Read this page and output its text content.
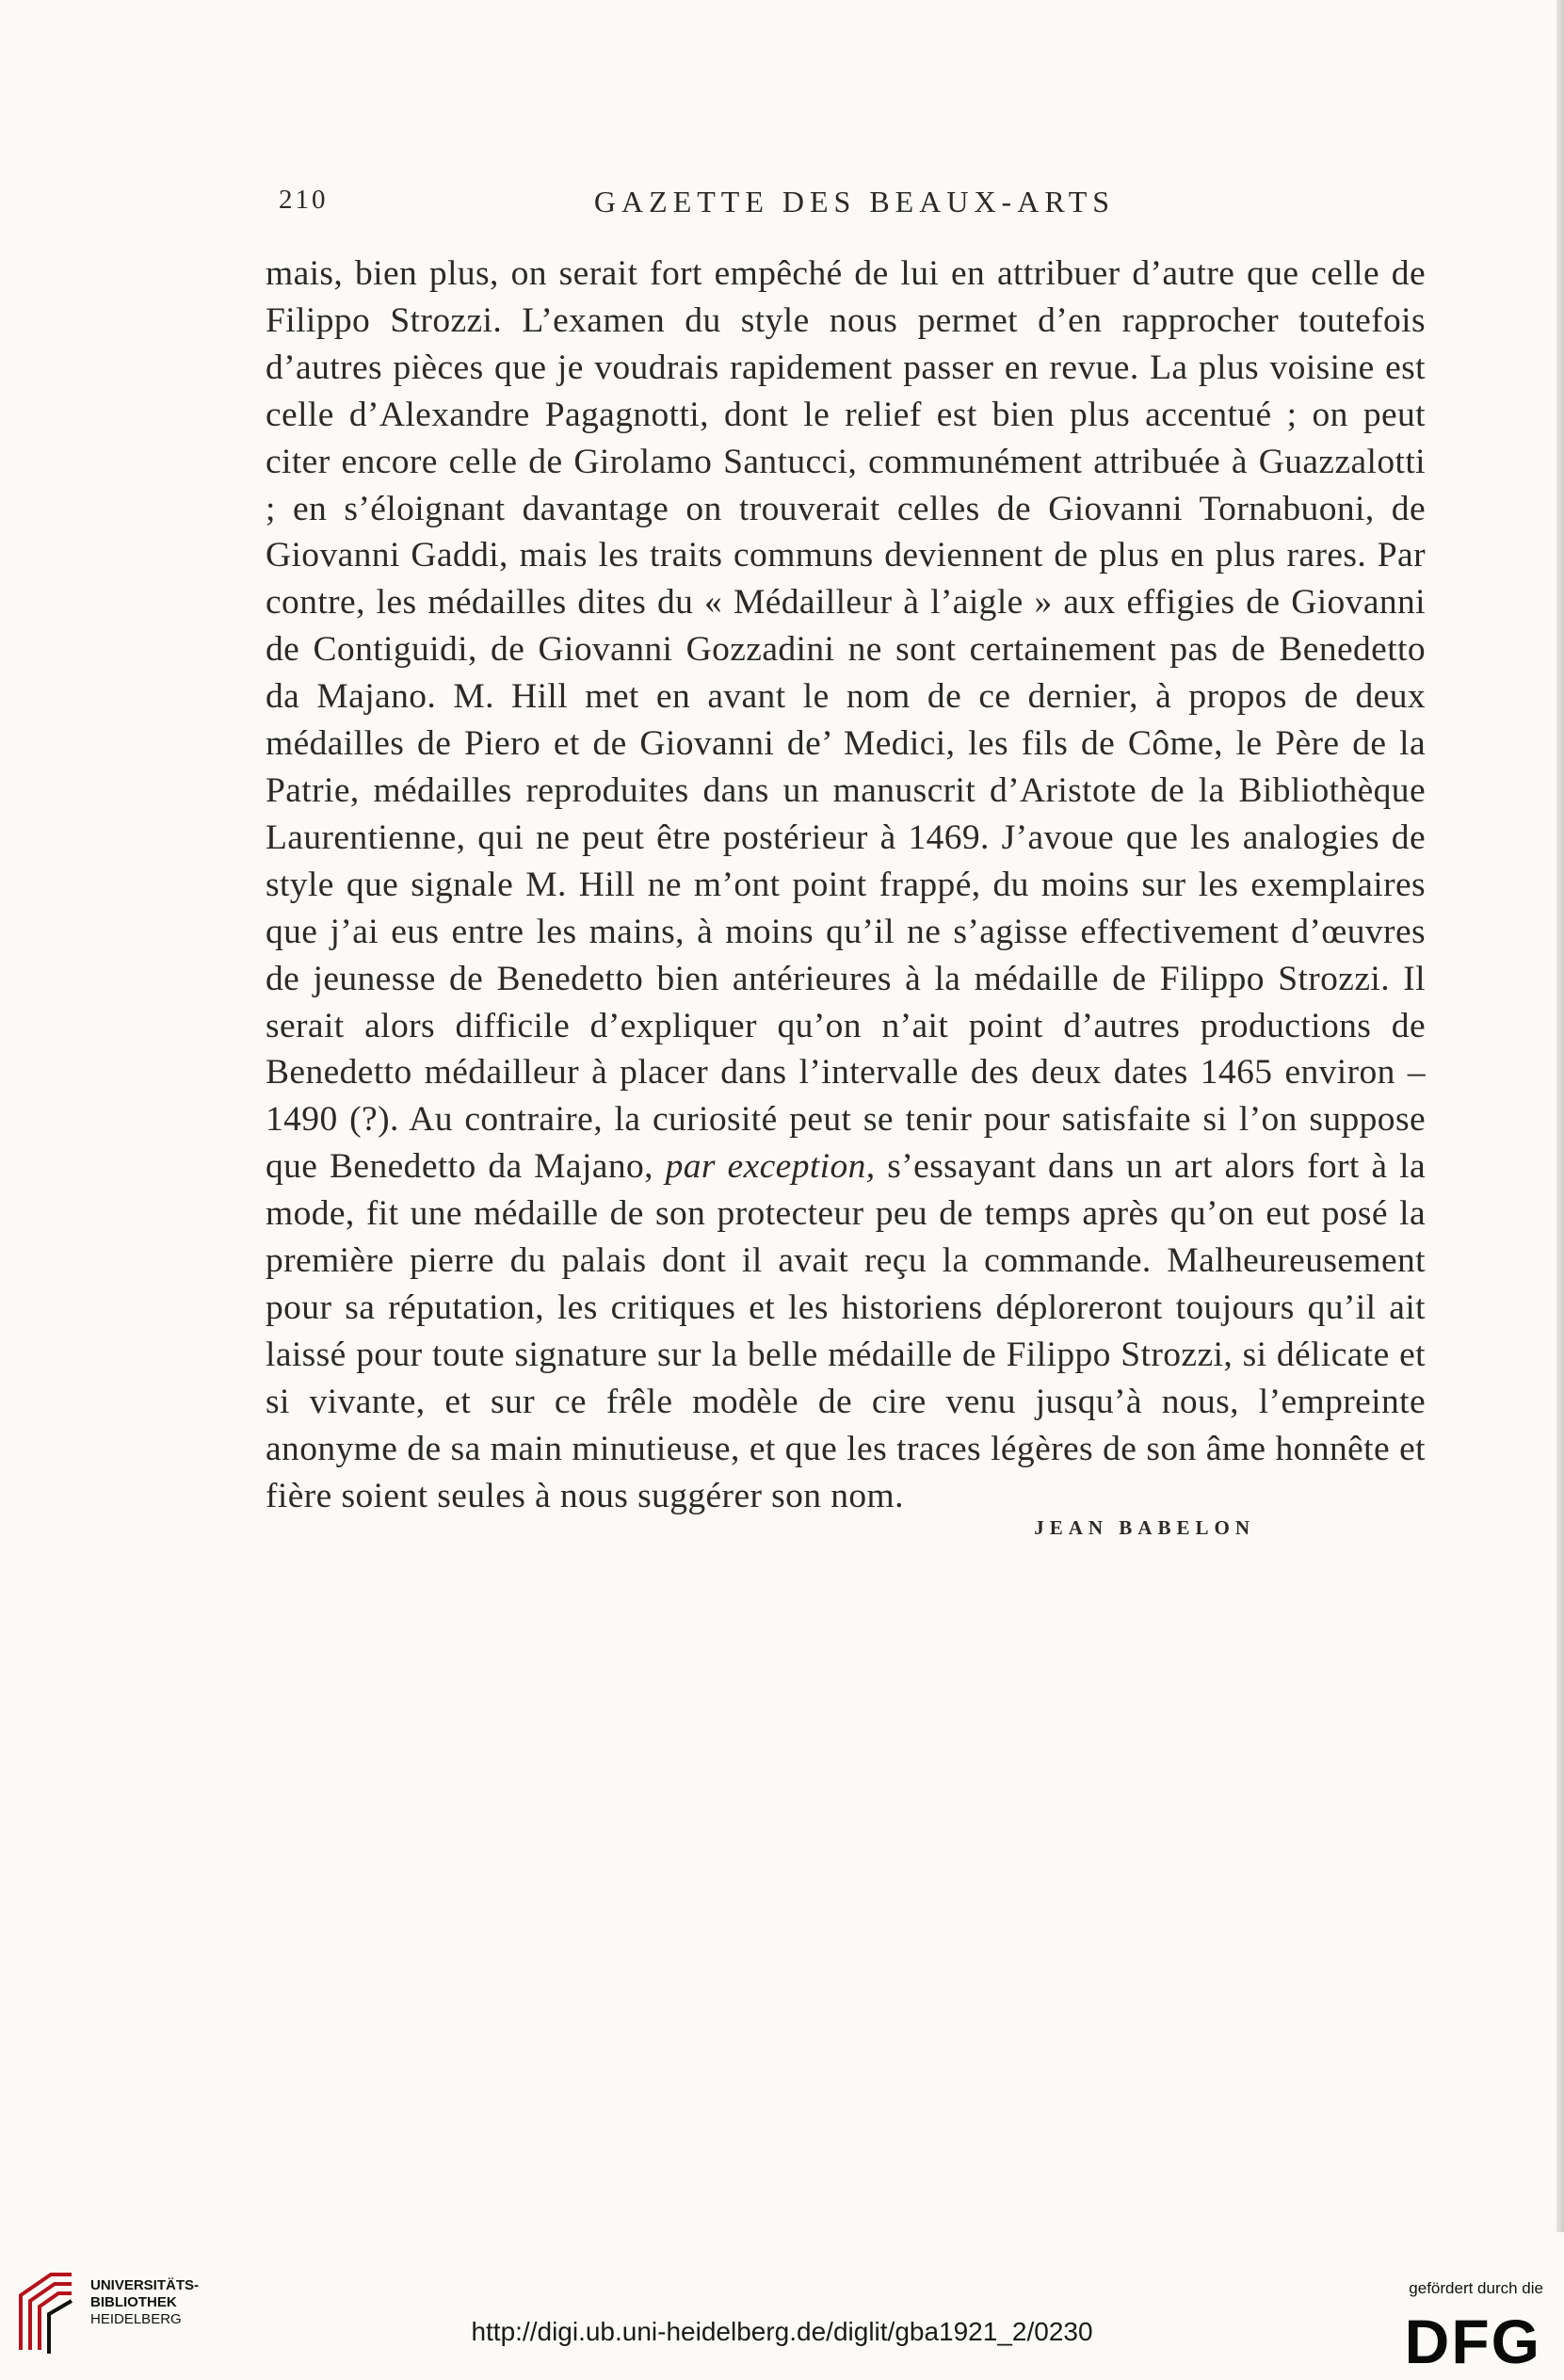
210	GAZETTE DES BEAUX-ARTS

mais, bien plus, on serait fort empêché de lui en attribuer d’autre que celle de Filippo Strozzi. L’examen du style nous permet d’en rapprocher toutefois d’autres pièces que je voudrais rapidement passer en revue. La plus voisine est celle d’Alexandre Pagagnotti, dont le relief est bien plus accentué ; on peut citer encore celle de Girolamo Santucci, communément attribuée à Guazzalotti ; en s’éloignant davantage on trouverait celles de Giovanni Tornabuoni, de Giovanni Gaddi, mais les traits communs deviennent de plus en plus rares. Par contre, les médailles dites du « Médailleur à l’aigle » aux effigies de Giovanni de Contiguidi, de Giovanni Gozzadini ne sont certainement pas de Benedetto da Majano. M. Hill met en avant le nom de ce dernier, à propos de deux médailles de Piero et de Giovanni de’ Medici, les fils de Côme, le Père de la Patrie, médailles reproduites dans un manuscrit d’Aristote de la Bibliothèque Laurentienne, qui ne peut être postérieur à 1469. J’avoue que les analogies de style que signale M. Hill ne m’ont point frappé, du moins sur les exemplaires que j’ai eus entre les mains, à moins qu’il ne s’agisse effectivement d’œuvres de jeunesse de Benedetto bien antérieures à la médaille de Filippo Strozzi. Il serait alors difficile d’expliquer qu’on n’ait point d’autres productions de Benedetto médailleur à placer dans l’intervalle des deux dates 1465 environ – 1490 (?). Au contraire, la curiosité peut se tenir pour satisfaite si l’on suppose que Benedetto da Majano, par exception, s’essayant dans un art alors fort à la mode, fit une médaille de son protecteur peu de temps après qu’on eut posé la première pierre du palais dont il avait reçu la commande. Malheureusement pour sa réputation, les critiques et les historiens déploreront toujours qu’il ait laissé pour toute signature sur la belle médaille de Filippo Strozzi, si délicate et si vivante, et sur ce frêle modèle de cire venu jusqu’à nous, l’empreinte anonyme de sa main minutieuse, et que les traces légères de son âme honnête et fière soient seules à nous suggérer son nom.

JEAN BABELON
UNIVERSITÄTS-
BIBLIOTHEK
HEIDELBERG	http://digi.ub.uni-heidelberg.de/diglit/gba1921_2/0230
gefördert durch die
DFG
